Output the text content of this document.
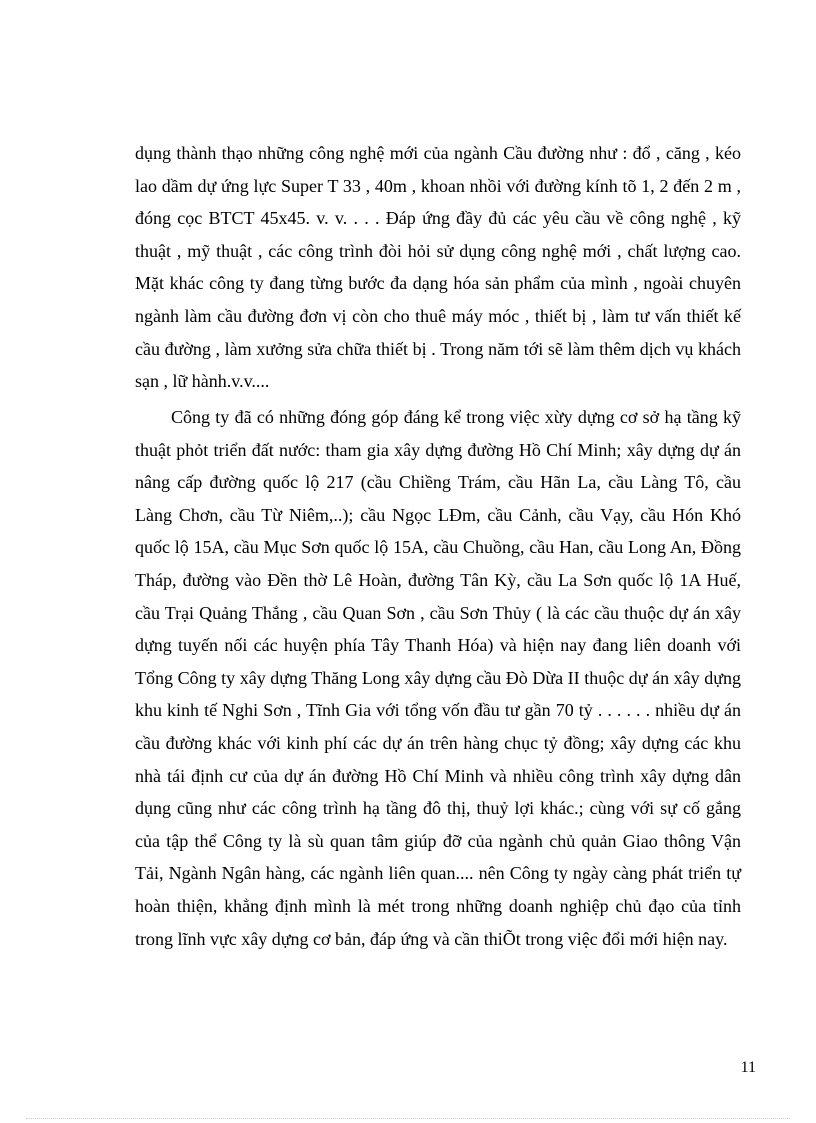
dụng thành thạo những công nghệ mới của ngành Cầu đường như : đổ , căng , kéo lao dầm dự ứng lực Super T 33 , 40m , khoan nhồi với đường kính tõ 1, 2 đến 2 m , đóng cọc BTCT 45x45. v. v. . . . Đáp ứng đầy đủ các yêu cầu về công nghệ , kỹ thuật , mỹ thuật , các công trình đòi hỏi sử dụng công nghệ mới , chất lượng cao. Mặt khác công ty đang từng bước đa dạng hóa sản phẩm của mình , ngoài chuyên ngành làm cầu đường đơn vị còn cho thuê máy móc , thiết bị , làm tư vấn thiết kế cầu đường , làm xưởng sửa chữa thiết bị . Trong năm tới sẽ làm thêm dịch vụ khách sạn , lữ hành.v.v....

Công ty đã có những đóng góp đáng kể trong việc xừy dựng cơ sở hạ tầng kỹ thuật phỏt triển đất nước: tham gia xây dựng đường Hồ Chí Minh; xây dựng dự án nâng cấp đường quốc lộ 217 (cầu Chiềng Trám, cầu Hãn La, cầu Làng Tô, cầu Làng Chơn, cầu Từ Niêm,..); cầu Ngọc LÐm, cầu Cảnh, cầu Vạy, cầu Hón Khó quốc lộ 15A, cầu Mục Sơn quốc lộ 15A, cầu Chuồng, cầu Han, cầu Long An, Đồng Tháp, đường vào Đền thờ Lê Hoàn, đường Tân Kỳ, cầu La Sơn quốc lộ 1A Huế, cầu Trại Quảng Thắng , cầu Quan Sơn , cầu Sơn Thủy ( là các cầu thuộc dự án xây dựng tuyến nối các huyện phía Tây Thanh Hóa) và hiện nay đang liên doanh với Tổng Công ty xây dựng Thăng Long xây dựng cầu Đò Dừa II thuộc dự án xây dựng khu kinh tế Nghi Sơn , Tĩnh Gia với tổng vốn đầu tư gần 70 tỷ . . . . . . nhiều dự án cầu đường khác với kinh phí các dự án trên hàng chục tỷ đồng; xây dựng các khu nhà tái định cư của dự án đường Hồ Chí Minh và nhiều công trình xây dựng dân dụng cũng như các công trình hạ tầng đô thị, thuỷ lợi khác.; cùng với sự cố gắng của tập thể Công ty là sù quan tâm giúp đỡ của ngành chủ quản Giao thông Vận Tải, Ngành Ngân hàng, các ngành liên quan.... nên Công ty ngày càng phát triển tự hoàn thiện, khẳng định mình là mét trong những doanh nghiệp chủ đạo của tỉnh trong lĩnh vực xây dựng cơ bản, đáp ứng và cần thiÕt trong việc đổi mới hiện nay.

11
